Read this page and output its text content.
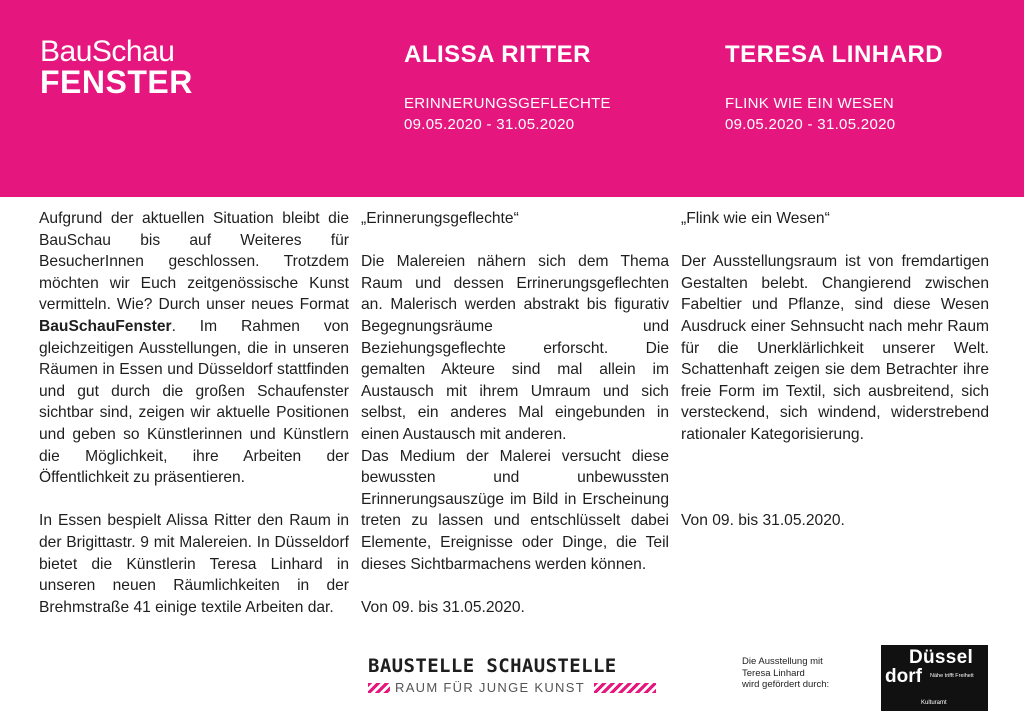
BauSchau
FENSTER
ALISSA RITTER
ERINNERUNGSGEFLECHTE
09.05.2020 - 31.05.2020
TERESA LINHARD
FLINK WIE EIN WESEN
09.05.2020 - 31.05.2020

Aufgrund der aktuellen Situation bleibt die BauSchau bis auf Weiteres für BesucherInnen geschlossen. Trotzdem möchten wir Euch zeitgenössische Kunst vermitteln. Wie? Durch unser neues Format BauSchauFenster. Im Rahmen von gleichzeitigen Ausstellungen, die in unseren Räumen in Essen und Düsseldorf stattfinden und gut durch die großen Schaufenster sichtbar sind, zeigen wir aktuelle Positionen und geben so Künstlerinnen und Künstlern die Möglichkeit, ihre Arbeiten der Öffentlichkeit zu präsentieren.

In Essen bespielt Alissa Ritter den Raum in der Brigittastr. 9 mit Malereien. In Düsseldorf bietet die Künstlerin Teresa Linhard in unseren neuen Räumlichkeiten in der Brehmstraße 41 einige textile Arbeiten dar.

„Erinnerungsgeflechte“

Die Malereien nähern sich dem Thema Raum und dessen Errinerungsgeflechten an. Malerisch werden abstrakt bis figurativ Begegnungsräume und Beziehungsgeflechte erforscht. Die gemalten Akteure sind mal allein im Austausch mit ihrem Umraum und sich selbst, ein anderes Mal eingebunden in einen Austausch mit anderen.

Das Medium der Malerei versucht diese bewussten und unbewussten Erinnerungsauszüge im Bild in Erscheinung treten zu lassen und entschlüsselt dabei Elemente, Ereignisse oder Dinge, die Teil dieses Sichtbarmachens werden können.

Von 09. bis 31.05.2020.

„Flink wie ein Wesen“

Der Ausstellungsraum ist von fremdartigen Gestalten belebt. Changierend zwischen Fabeltier und Pflanze, sind diese Wesen Ausdruck einer Sehnsucht nach mehr Raum für die Unerklärlichkeit unserer Welt. Schattenhaft zeigen sie dem Betrachter ihre freie Form im Textil, sich ausbreitend, sich versteckend, sich windend, widerstrebend rationaler Kategorisierung.

Von 09. bis 31.05.2020.

BAUSTELLE SCHAUSTELLE
RAUM FÜR JUNGE KUNST
Die Ausstellung mit
Teresa Linhard
wird gefördert durch:
Düssel
dorf Nähe trifft Freiheit
Kulturamt
